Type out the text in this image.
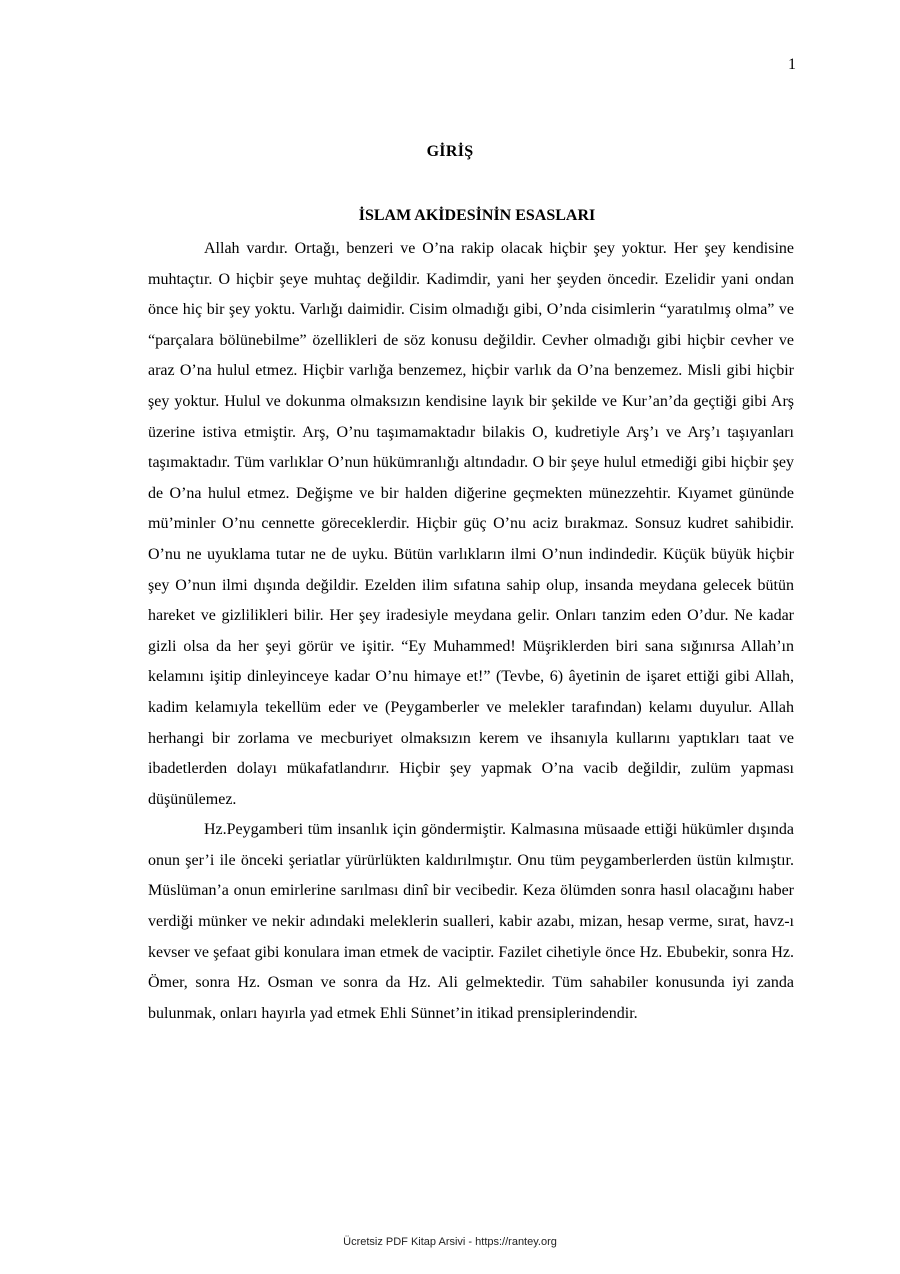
1
GİRİŞ
İSLAM AKİDESİNİN ESASLARI

Allah vardır. Ortağı, benzeri ve O’na rakip olacak hiçbir şey yoktur. Her şey kendisine muhtaçtır. O hiçbir şeye muhtaç değildir. Kadimdir, yani her şeyden öncedir. Ezelidir yani ondan önce hiç bir şey yoktu. Varlığı daimidir. Cisim olmadığı gibi, O’nda cisimlerin “yaratılmış olma” ve “parçalara bölünebilme” özellikleri de söz konusu değildir. Cevher olmadığı gibi hiçbir cevher ve araz O’na hulul etmez. Hiçbir varlığa benzemez, hiçbir varlık da O’na benzemez. Misli gibi hiçbir şey yoktur. Hulul ve dokunma olmaksızın kendisine layık bir şekilde ve Kur’an’da geçtiği gibi Arş üzerine istiva etmiştir. Arş, O’nu taşımamaktadır bilakis O, kudretiyle Arş’ı ve Arş’ı taşıyanları taşımaktadır. Tüm varlıklar O’nun hükümranlığı altındadır. O bir şeye hulul etmediği gibi hiçbir şey de O’na hulul etmez. Değişme ve bir halden diğerine geçmekten münezzehtir. Kıyamet gününde mü’minler O’nu cennette göreceklerdir. Hiçbir güç O’nu aciz bırakmaz. Sonsuz kudret sahibidir. O’nu ne uyuklama tutar ne de uyku. Bütün varlıkların ilmi O’nun indindedir. Küçük büyük hiçbir şey O’nun ilmi dışında değildir. Ezelden ilim sıfatına sahip olup, insanda meydana gelecek bütün hareket ve gizlilikleri bilir. Her şey iradesiyle meydana gelir. Onları tanzim eden O’dur. Ne kadar gizli olsa da her şeyi görür ve işitir. “Ey Muhammed! Müşriklerden biri sana sığınırsa Allah’ın kelamını işitip dinleyinceye kadar O’nu himaye et!” (Tevbe, 6) âyetinin de işaret ettiği gibi Allah, kadim kelamıyla tekellüm eder ve (Peygamberler ve melekler tarafından) kelamı duyulur. Allah herhangi bir zorlama ve mecburiyet olmaksızın kerem ve ihsanıyla kullarını yaptıkları taat ve ibadetlerden dolayı mükafatlandırır. Hiçbir şey yapmak O’na vacib değildir, zulüm yapması düşünülemez.

Hz.Peygamberi tüm insanlık için göndermiştir. Kalmasına müsaade ettiği hükümler dışında onun şer’i ile önceki şeriatlar yürürlükten kaldırılmıştır. Onu tüm peygamberlerden üstün kılmıştır. Müslüman’a onun emirlerine sarılması dinî bir vecibedir. Keza ölümden sonra hasıl olacağını haber verdiği münker ve nekir adındaki meleklerin sualleri, kabir azabı, mizan, hesap verme, sırat, havz-ı kevser ve şefaat gibi konulara iman etmek de vaciptir. Fazilet cihetiyle önce Hz. Ebubekir, sonra Hz. Ömer, sonra Hz. Osman ve sonra da Hz. Ali gelmektedir. Tüm sahabiler konusunda iyi zanda bulunmak, onları hayırla yad etmek Ehli Sünnet’in itikad prensiplerindendir.

Ücretsiz PDF Kitap Arsivi - https://rantey.org
